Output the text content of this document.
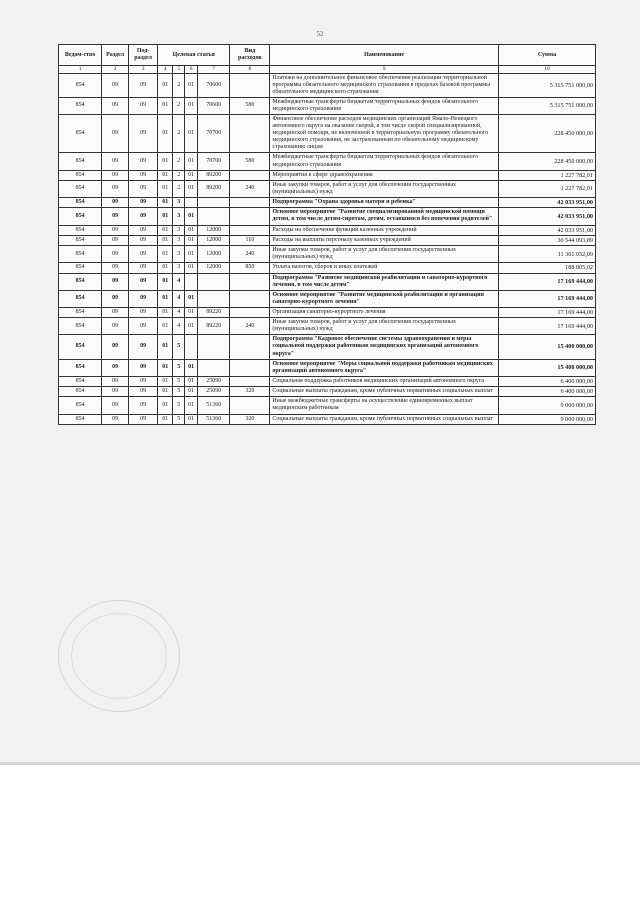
52
Ведом-ство	Раздел	Под-раздел	Целевая статья				Вид расходов	Наименование	Сумма
1	2	3	4	5	6	7	8	9	10
854	09	09	01	2	01	70600		Платежи на дополнительное финансовое обеспечение реализации территориальной программы обязательного медицинского страхования в пределах базовой программы обязательного медицинского страхования	5 315 751 000,00
854	09	09	01	2	01	70600	580	Межбюджетные трансферты бюджетам территориальных фондов обязательного медицинского страхования	5 315 751 000,00
854	09	09	01	2	01	70700		Финансовое обеспечение расходов медицинских организаций Ямало-Ненецкого автономного округа на оказание скорой, в том числе скорой специализированной, медицинской помощи, не включенной в территориальную программу обязательного медицинского страхования, не застрахованным по обязательному медицинскому страхованию лицам	228 450 000,00
854	09	09	01	2	01	70700	580	Межбюджетные трансферты бюджетам территориальных фондов обязательного медицинского страхования	228 450 000,00
854	09	09	01	2	01	89200		Мероприятия в сфере здравоохранения	1 227 782,01
854	09	09	01	2	01	89200	240	Иные закупки товаров, работ и услуг для обеспечения государственных (муниципальных) нужд	1 227 782,01
854	09	09	01	3				Подпрограмма "Охрана здоровья матери и ребенка"	42 033 951,00
854	09	09	01	3	01			Основное мероприятие "Развитие специализированной медицинской помощи детям, в том числе детям-сиротам, детям, оставшимся без попечения родителей"	42 033 951,00
854	09	09	01	3	01	12000		Расходы на обеспечение функций казенных учреждений	42 033 951,00
854	09	09	01	3	01	12000	110	Расходы на выплаты персоналу казенных учреждений	30 544 093,89
854	09	09	01	3	01	12000	240	Иные закупки товаров, работ и услуг для обеспечения государственных (муниципальных) нужд	11 301 052,09
854	09	09	01	3	01	12000	850	Уплата налогов, сборов и иных платежей	188 805,02
854	09	09	01	4				Подпрограмма "Развитие медицинской реабилитации и санаторно-курортного лечения, в том числе детям"	17 169 444,00
854	09	09	01	4	01			Основное мероприятие "Развитие медицинской реабилитации и организация санаторно-курортного лечения"	17 169 444,00
854	09	09	01	4	01	89220		Организация санаторно-курортного лечения	17 169 444,00
854	09	09	01	4	01	89220	240	Иные закупки товаров, работ и услуг для обеспечения государственных (муниципальных) нужд	17 169 444,00
854	09	09	01	5				Подпрограмма "Кадровое обеспечение системы здравоохранения и меры социальной поддержки работников медицинских организаций автономного округа"	15 400 000,00
854	09	09	01	5	01			Основное мероприятие "Меры социальной поддержки работникам медицинских организаций автономного округа"	15 400 000,00
854	09	09	01	5	01	25090		Социальная поддержка работников медицинских организаций автономного округа	6 400 000,00
854	09	09	01	5	01	25090	320	Социальные выплаты гражданам, кроме публичных нормативных социальных выплат	6 400 000,00
854	09	09	01	5	01	51360		Иные межбюджетные трансферты на осуществление единовременных выплат медицинским работникам	9 000 000,00
854	09	09	01	5	01	51360	320	Социальные выплаты гражданам, кроме публичных нормативных социальных выплат	9 000 000,00
